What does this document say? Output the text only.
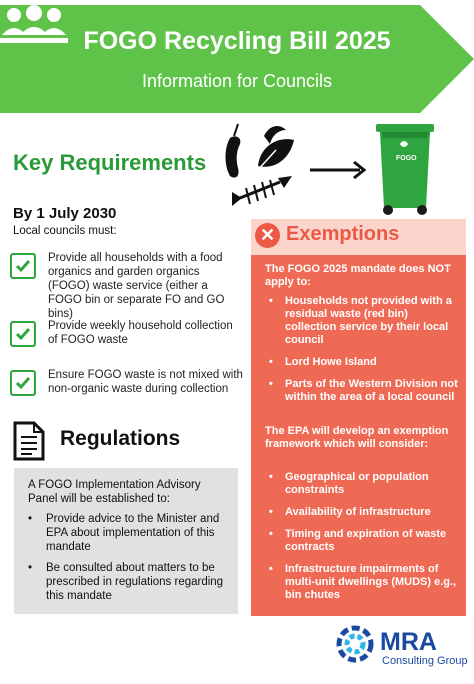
FOGO Recycling Bill 2025
Information for Councils
Key Requirements	FOGO
By 1 July 2030
Local councils must:
Provide all households with a food organics and garden organics (FOGO) waste service (either a FOGO bin or separate FO and GO bins)
Provide weekly household collection of FOGO waste
Ensure FOGO waste is not mixed with non-organic waste during collection
Regulations
A FOGO Implementation Advisory Panel will be established to:
• Provide advice to the Minister and EPA about implementation of this mandate
• Be consulted about matters to be prescribed in regulations regarding this mandate
✕ Exemptions
The FOGO 2025 mandate does NOT apply to:
• Households not provided with a residual waste (red bin) collection service by their local council
• Lord Howe Island
• Parts of the Western Division not within the area of a local council
The EPA will develop an exemption framework which will consider:
• Geographical or population constraints
• Availability of infrastructure
• Timing and expiration of waste contracts
• Infrastructure impairments of multi-unit dwellings (MUDS) e.g., bin chutes
MRA
Consulting Group
